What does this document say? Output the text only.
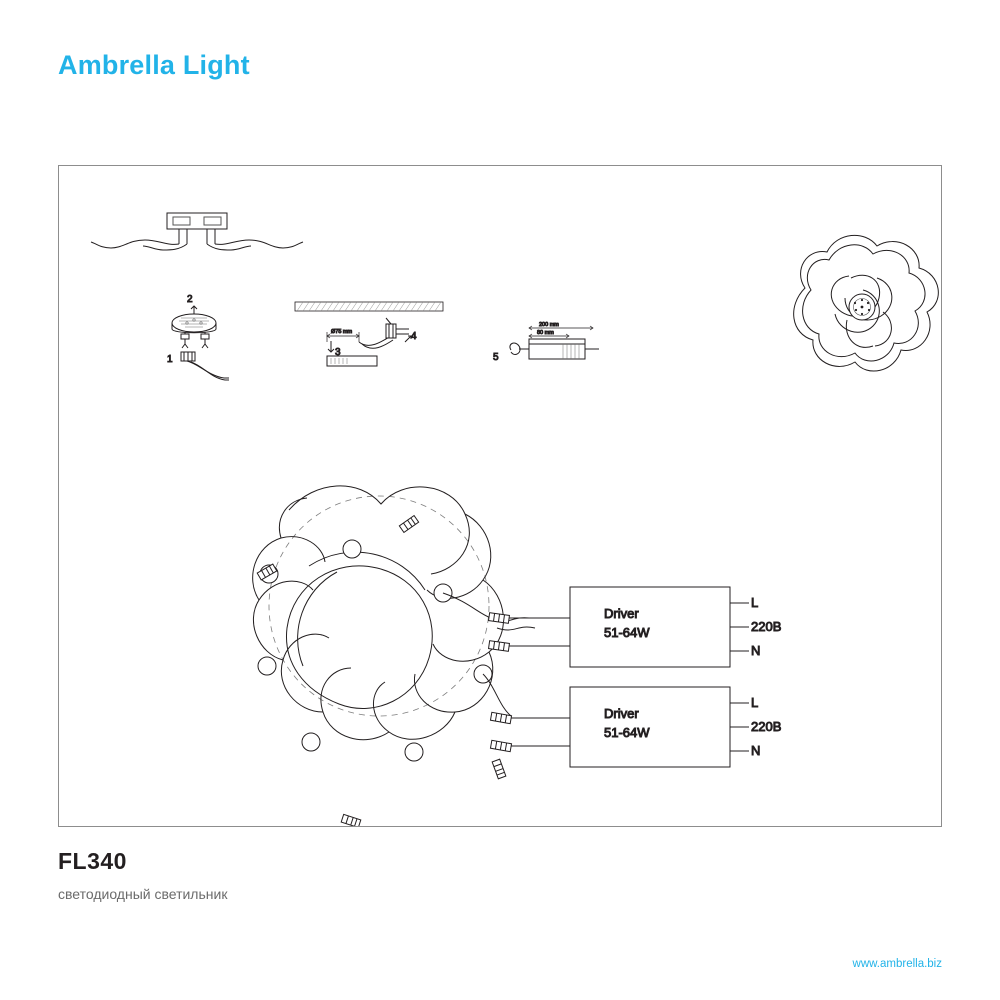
Ambrella Light
2
1
Ø75 mm
3
4
5
200 mm
80 mm
Driver
51-64W
L
220B
N
Driver
51-64W
L
220B
N
FL340
светодиодный светильник
www.ambrella.biz
